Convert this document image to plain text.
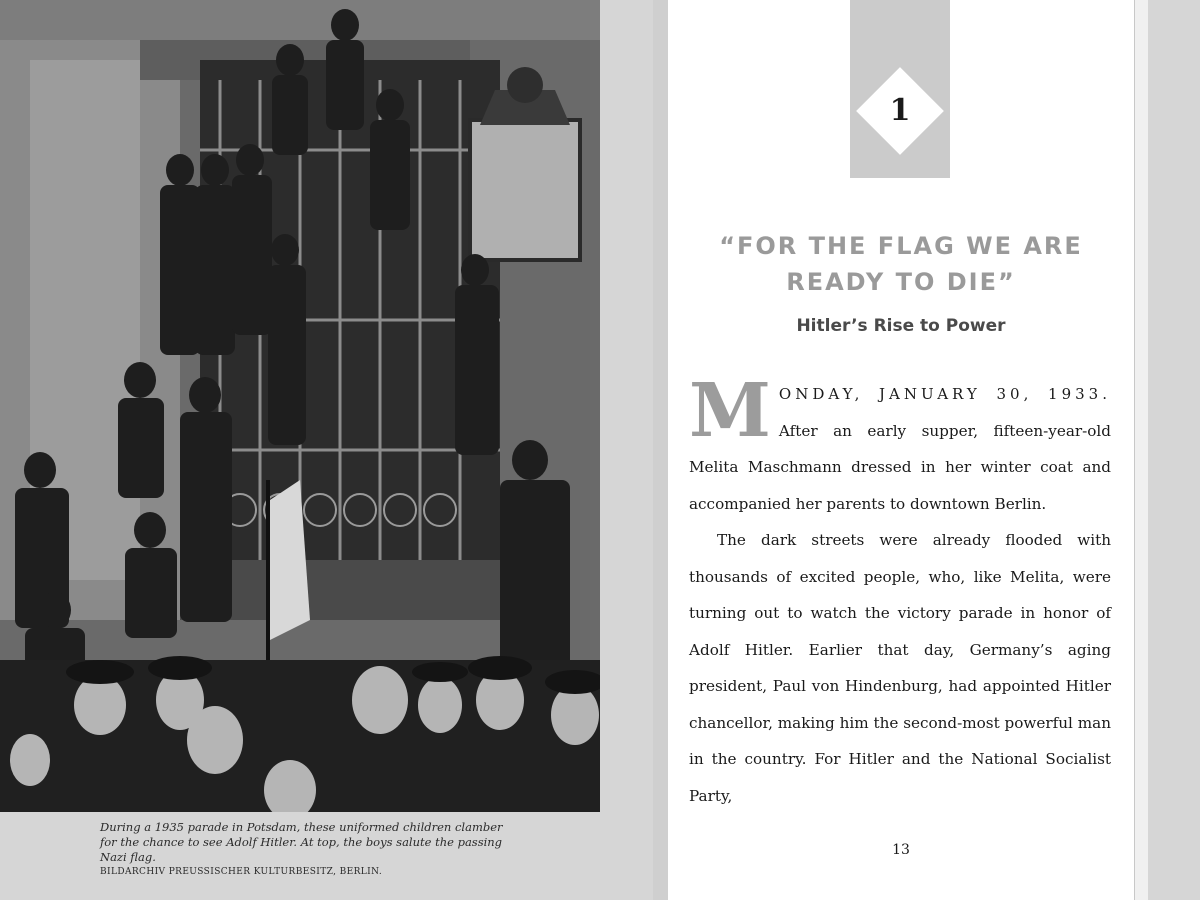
During a 1935 parade in Potsdam, these uniformed children clamber for the chance to see Adolf Hitler. At top, the boys salute the passing Nazi flag.

BILDARCHIV PREUSSISCHER KULTURBESITZ, BERLIN.

1
“FOR THE FLAG WE ARE
READY TO DIE”
Hitler’s Rise to Power

M ONDAY, JANUARY 30, 1933. After an early supper, fifteen-year-old Melita Maschmann dressed in her winter coat and accompanied her parents to downtown Berlin.

The dark streets were already flooded with thousands of excited people, who, like Melita, were turning out to watch the victory parade in honor of Adolf Hitler. Earlier that day, Germany’s aging president, Paul von Hindenburg, had appointed Hitler chancellor, making him the second-most powerful man in the country. For Hitler and the National Socialist Party,

13
